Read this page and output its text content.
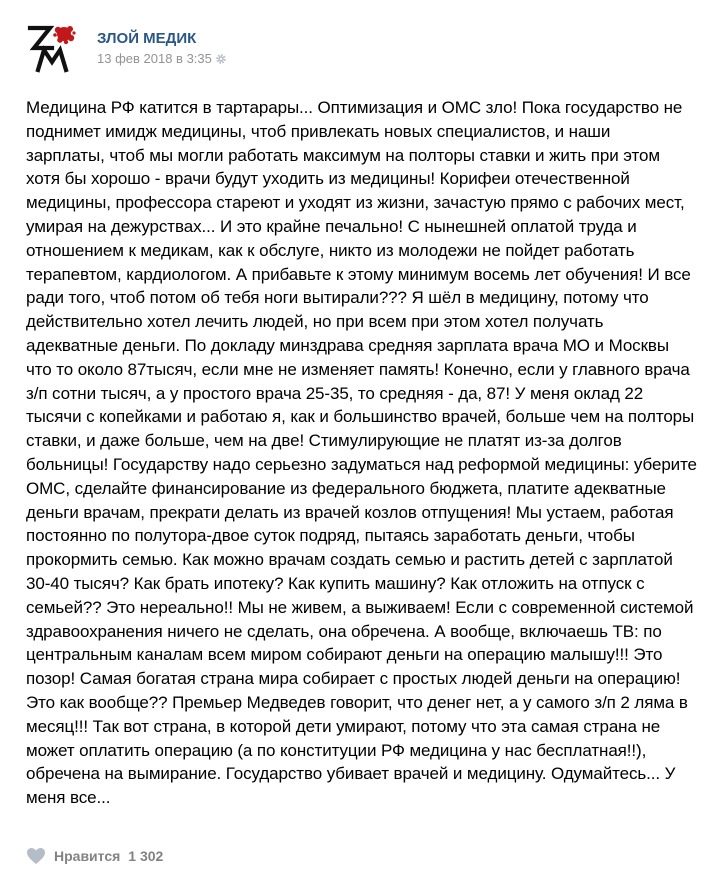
ЗЛОЙ МЕДИК
13 фев 2018 в 3:35
Медицина РФ катится в тартарары... Оптимизация и ОМС зло! Пока государство не
поднимет имидж медицины, чтоб привлекать новых специалистов, и наши
зарплаты, чтоб мы могли работать максимум на полторы ставки и жить при этом
хотя бы хорошо - врачи будут уходить из медицины! Корифеи отечественной
медицины, профессора стареют и уходят из жизни, зачастую прямо с рабочих мест,
умирая на дежурствах... И это крайне печально! С нынешней оплатой труда и
отношением к медикам, как к обслуге, никто из молодежи не пойдет работать
терапевтом, кардиологом. А прибавьте к этому минимум восемь лет обучения! И все
ради того, чтоб потом об тебя ноги вытирали??? Я шёл в медицину, потому что
действительно хотел лечить людей, но при всем при этом хотел получать
адекватные деньги. По докладу минздрава средняя зарплата врача МО и Москвы
что то около 87тысяч, если мне не изменяет память! Конечно, если у главного врача
з/п сотни тысяч, а у простого врача 25-35, то средняя - да, 87! У меня оклад 22
тысячи с копейками и работаю я, как и большинство врачей, больше чем на полторы
ставки, и даже больше, чем на две! Стимулирующие не платят из-за долгов
больницы! Государству надо серьезно задуматься над реформой медицины: уберите
ОМС, сделайте финансирование из федерального бюджета, платите адекватные
деньги врачам, прекрати делать из врачей козлов отпущения! Мы устаем, работая
постоянно по полутора-двое суток подряд, пытаясь заработать деньги, чтобы
прокормить семью. Как можно врачам создать семью и растить детей с зарплатой
30-40 тысяч? Как брать ипотеку? Как купить машину? Как отложить на отпуск с
семьей?? Это нереально!! Мы не живем, а выживаем! Если с современной системой
здравоохранения ничего не сделать, она обречена. А вообще, включаешь ТВ: по
центральным каналам всем миром собирают деньги на операцию малышу!!! Это
позор! Самая богатая страна мира собирает с простых людей деньги на операцию!
Это как вообще?? Премьер Медведев говорит, что денег нет, а у самого з/п 2 ляма в
месяц!!! Так вот страна, в которой дети умирают, потому что эта самая страна не
может оплатить операцию (а по конституции РФ медицина у нас бесплатная!!),
обречена на вымирание. Государство убивает врачей и медицину. Одумайтесь... У
меня все...
Нравится 1 302
